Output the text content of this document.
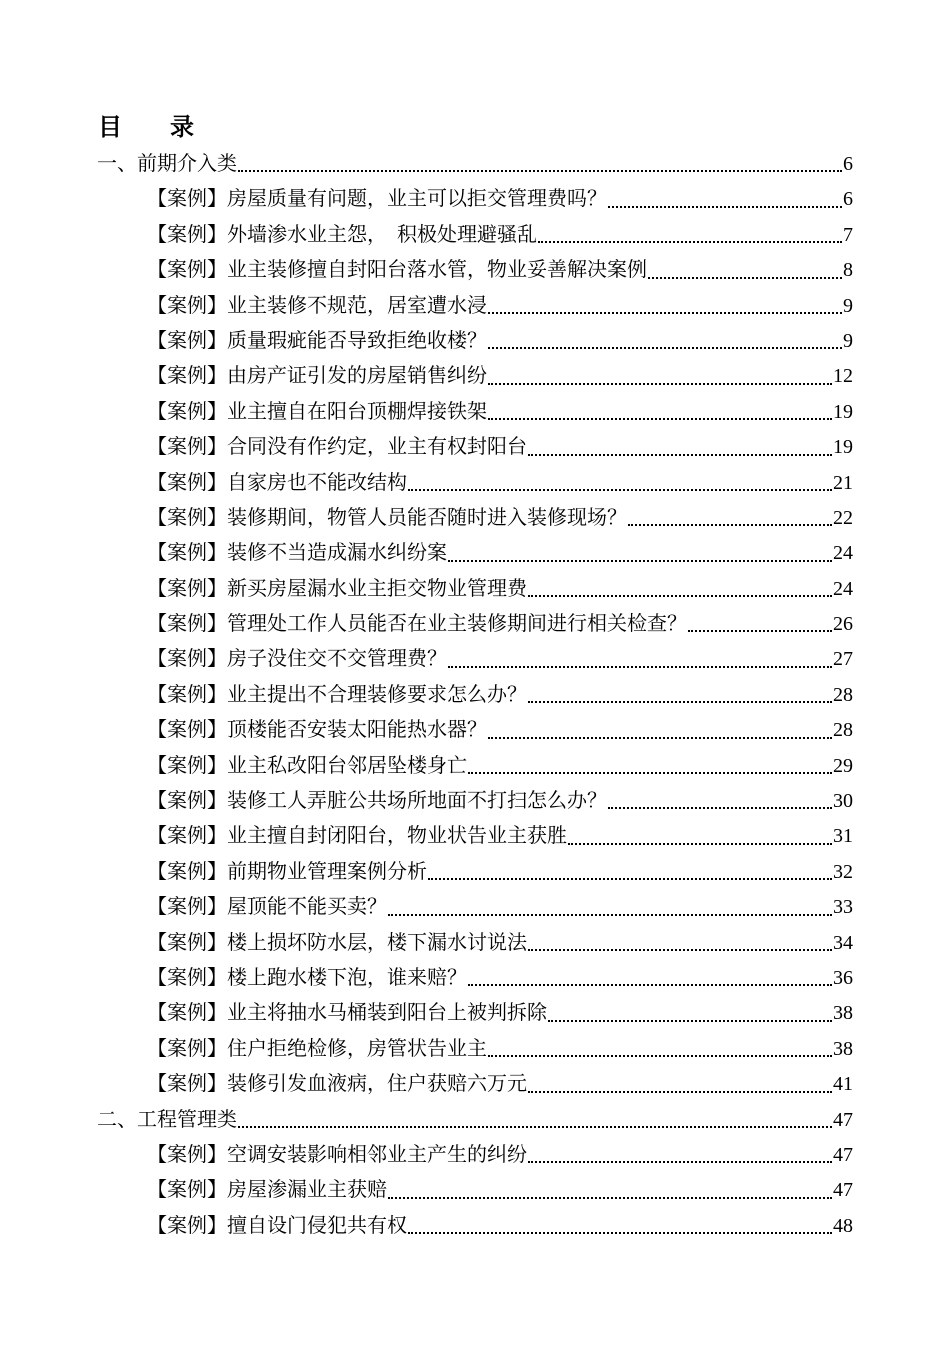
目　　录
一、前期介入类	6
【案例】房屋质量有问题，业主可以拒交管理费吗？	6
【案例】外墙渗水业主怨，　积极处理避骚乱	7
【案例】业主装修擅自封阳台落水管，物业妥善解决案例	8
【案例】业主装修不规范，居室遭水浸	9
【案例】质量瑕疵能否导致拒绝收楼？	9
【案例】由房产证引发的房屋销售纠纷	12
【案例】业主擅自在阳台顶棚焊接铁架	19
【案例】合同没有作约定，业主有权封阳台	19
【案例】自家房也不能改结构	21
【案例】装修期间，物管人员能否随时进入装修现场？	22
【案例】装修不当造成漏水纠纷案	24
【案例】新买房屋漏水业主拒交物业管理费	24
【案例】管理处工作人员能否在业主装修期间进行相关检查？	26
【案例】房子没住交不交管理费？	27
【案例】业主提出不合理装修要求怎么办？	28
【案例】顶楼能否安装太阳能热水器？	28
【案例】业主私改阳台邻居坠楼身亡	29
【案例】装修工人弄脏公共场所地面不打扫怎么办？	30
【案例】业主擅自封闭阳台，物业状告业主获胜	31
【案例】前期物业管理案例分析	32
【案例】屋顶能不能买卖？	33
【案例】楼上损坏防水层，楼下漏水讨说法	34
【案例】楼上跑水楼下泡，谁来赔？	36
【案例】业主将抽水马桶装到阳台上被判拆除	38
【案例】住户拒绝检修，房管状告业主	38
【案例】装修引发血液病，住户获赔六万元	41
二、工程管理类	47
【案例】空调安装影响相邻业主产生的纠纷	47
【案例】房屋渗漏业主获赔	47
【案例】擅自设门侵犯共有权	48
